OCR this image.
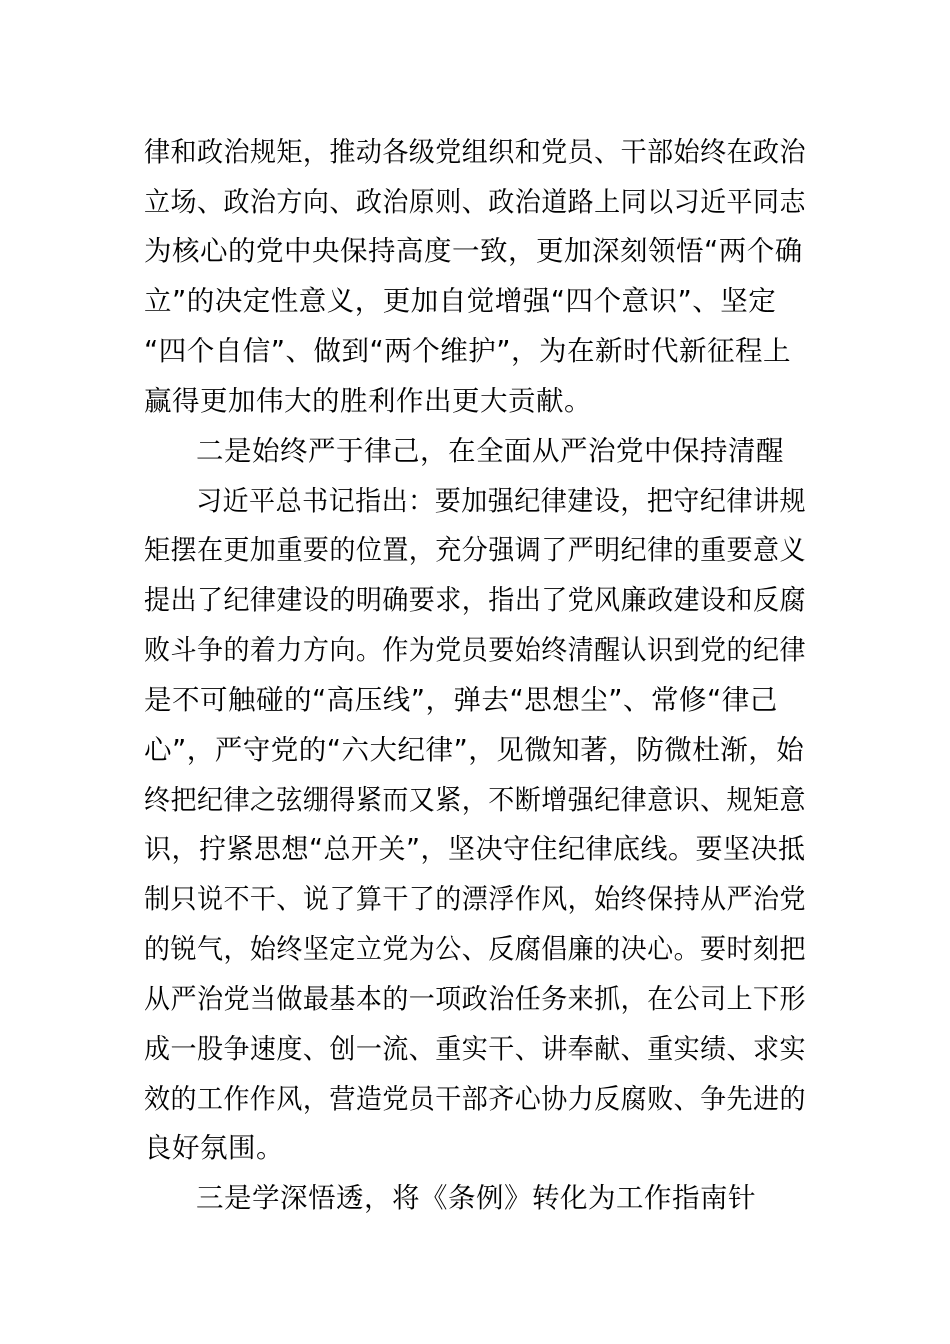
律和政治规矩，推动各级党组织和党员、干部始终在政治
立场、政治方向、政治原则、政治道路上同以习近平同志
为核心的党中央保持高度一致，更加深刻领悟“两个确
立”的决定性意义，更加自觉增强“四个意识”、坚定
“四个自信”、做到“两个维护”，为在新时代新征程上
赢得更加伟大的胜利作出更大贡献。
二是始终严于律己，在全面从严治党中保持清醒
习近平总书记指出：要加强纪律建设，把守纪律讲规
矩摆在更加重要的位置，充分强调了严明纪律的重要意义
提出了纪律建设的明确要求，指出了党风廉政建设和反腐
败斗争的着力方向。作为党员要始终清醒认识到党的纪律
是不可触碰的“高压线”，弹去“思想尘”、常修“律己
心”，严守党的“六大纪律”，见微知著，防微杜渐，始
终把纪律之弦绷得紧而又紧，不断增强纪律意识、规矩意
识，拧紧思想“总开关”，坚决守住纪律底线。要坚决抵
制只说不干、说了算干了的漂浮作风，始终保持从严治党
的锐气，始终坚定立党为公、反腐倡廉的决心。要时刻把
从严治党当做最基本的一项政治任务来抓，在公司上下形
成一股争速度、创一流、重实干、讲奉献、重实绩、求实
效的工作作风，营造党员干部齐心协力反腐败、争先进的
良好氛围。
三是学深悟透，将《条例》转化为工作指南针
